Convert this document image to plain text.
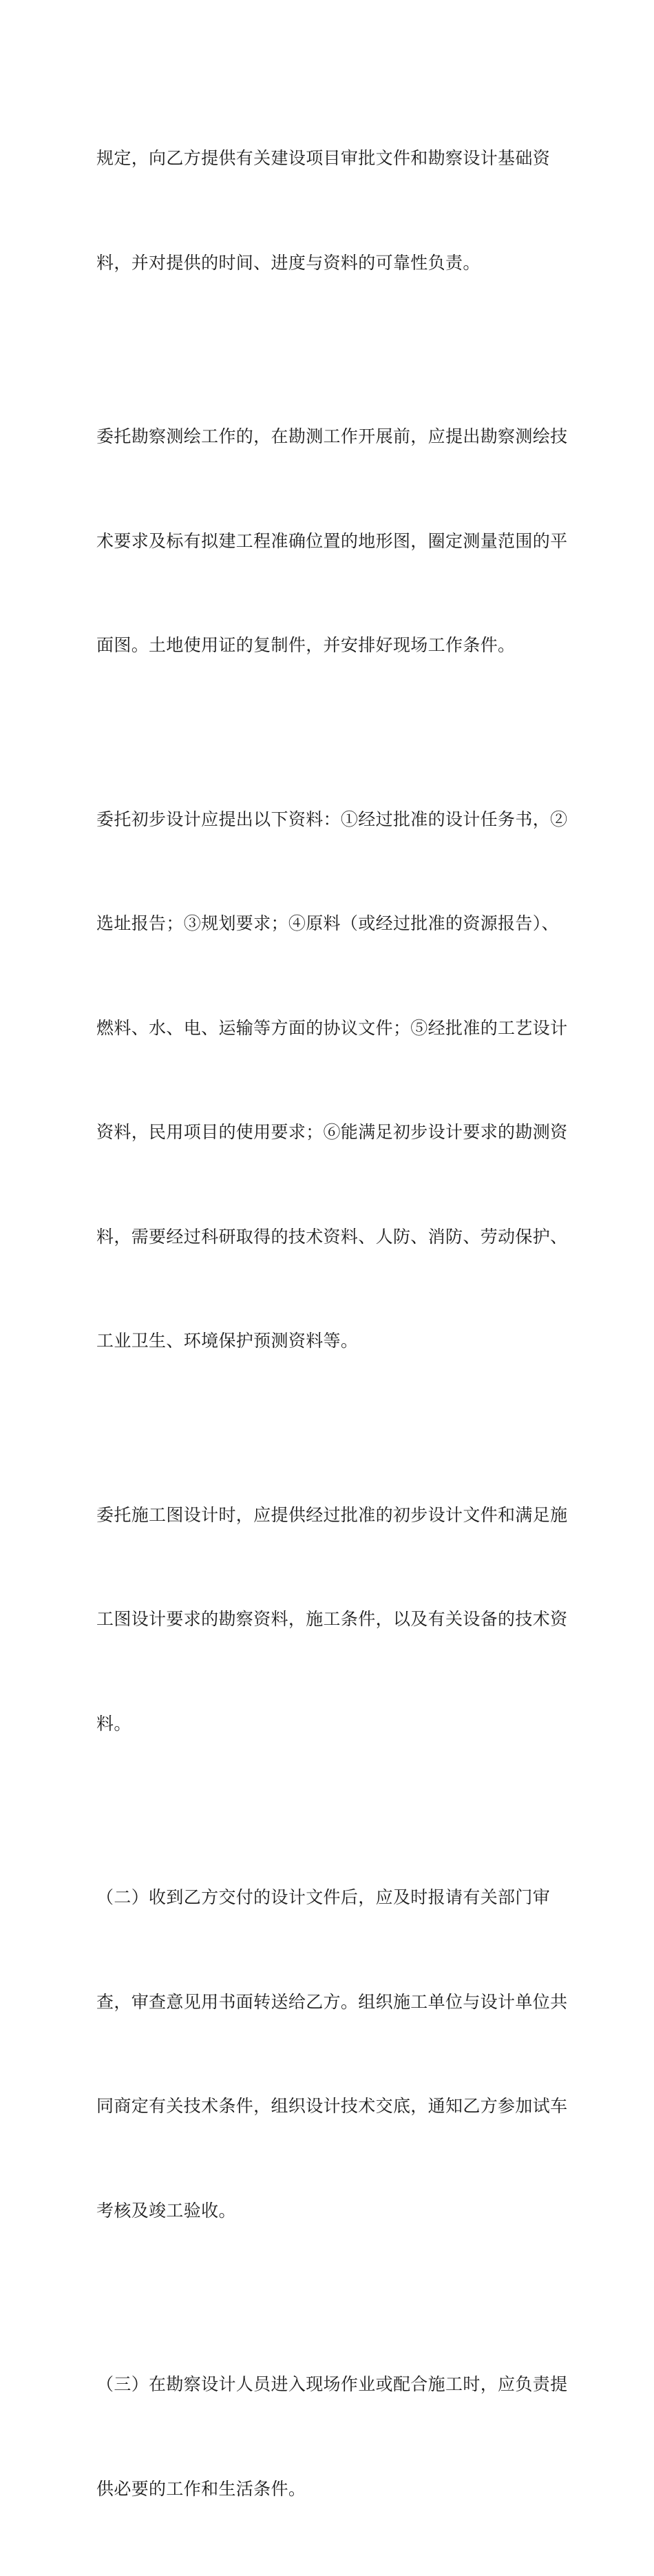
规定，向乙方提供有关建设项目审批文件和勘察设计基础资

料，并对提供的时间、进度与资料的可靠性负责。

委托勘察测绘工作的，在勘测工作开展前，应提出勘察测绘技

术要求及标有拟建工程准确位置的地形图，圈定测量范围的平

面图。土地使用证的复制件，并安排好现场工作条件。

委托初步设计应提出以下资料：①经过批准的设计任务书，②

选址报告；③规划要求；④原料（或经过批准的资源报告）、

燃料、水、电、运输等方面的协议文件；⑤经批准的工艺设计

资料，民用项目的使用要求；⑥能满足初步设计要求的勘测资

料，需要经过科研取得的技术资料、人防、消防、劳动保护、

工业卫生、环境保护预测资料等。

委托施工图设计时，应提供经过批准的初步设计文件和满足施

工图设计要求的勘察资料，施工条件，以及有关设备的技术资

料。

（二）收到乙方交付的设计文件后，应及时报请有关部门审

查，审查意见用书面转送给乙方。组织施工单位与设计单位共

同商定有关技术条件，组织设计技术交底，通知乙方参加试车

考核及竣工验收。

（三）在勘察设计人员进入现场作业或配合施工时，应负责提

供必要的工作和生活条件。
